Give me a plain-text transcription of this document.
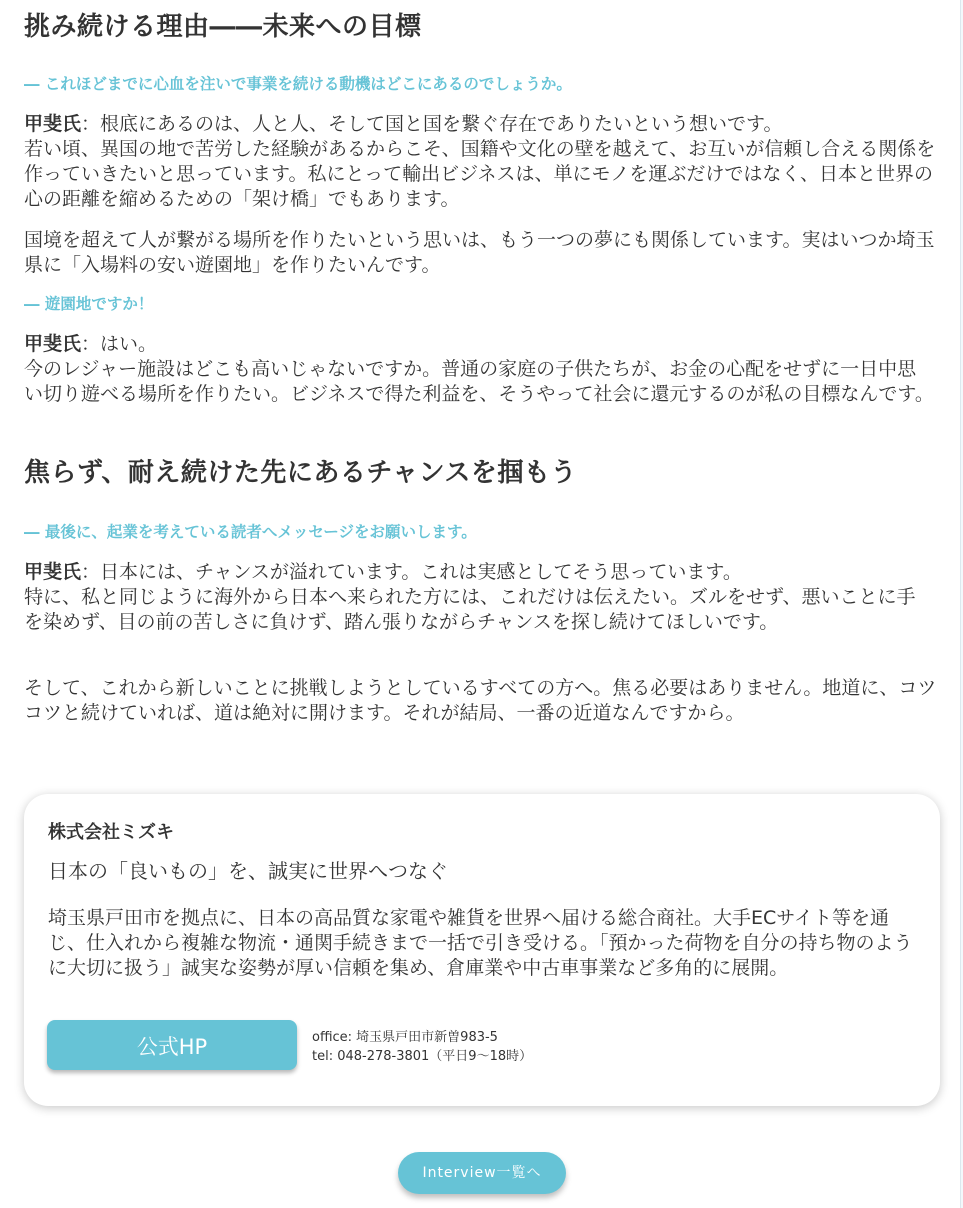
挑み続ける理由――未来への目標

― これほどまでに心血を注いで事業を続ける動機はどこにあるのでしょうか。

甲斐氏：根底にあるのは、人と人、そして国と国を繋ぐ存在でありたいという想いです。
若い頃、異国の地で苦労した経験があるからこそ、国籍や文化の壁を越えて、お互いが信頼し合える関係を作っていきたいと思っています。私にとって輸出ビジネスは、単にモノを運ぶだけではなく、日本と世界の心の距離を縮めるための「架け橋」でもあります。

国境を超えて人が繋がる場所を作りたいという思いは、もう一つの夢にも関係しています。実はいつか埼玉県に「入場料の安い遊園地」を作りたいんです。

― 遊園地ですか！

甲斐氏：はい。
今のレジャー施設はどこも高いじゃないですか。普通の家庭の子供たちが、お金の心配をせずに一日中思い切り遊べる場所を作りたい。ビジネスで得た利益を、そうやって社会に還元するのが私の目標なんです。
焦らず、耐え続けた先にあるチャンスを掴もう

― 最後に、起業を考えている読者へメッセージをお願いします。

甲斐氏：日本には、チャンスが溢れています。これは実感としてそう思っています。
特に、私と同じように海外から日本へ来られた方には、これだけは伝えたい。ズルをせず、悪いことに手を染めず、目の前の苦しさに負けず、踏ん張りながらチャンスを探し続けてほしいです。

そして、これから新しいことに挑戦しようとしているすべての方へ。焦る必要はありません。地道に、コツコツと続けていれば、道は絶対に開けます。それが結局、一番の近道なんですから。

株式会社ミズキ
日本の「良いもの」を、誠実に世界へつなぐ
埼玉県戸田市を拠点に、日本の高品質な家電や雑貨を世界へ届ける総合商社。大手ECサイト等を通じ、仕入れから複雑な物流・通関手続きまで一括で引き受ける。「預かった荷物を自分の持ち物のように大切に扱う」誠実な姿勢が厚い信頼を集め、倉庫業や中古車事業など多角的に展開。
公式HP	office: 埼玉県戸田市新曽983-5
tel: 048-278-3801（平日9〜18時）
Interview一覧へ
